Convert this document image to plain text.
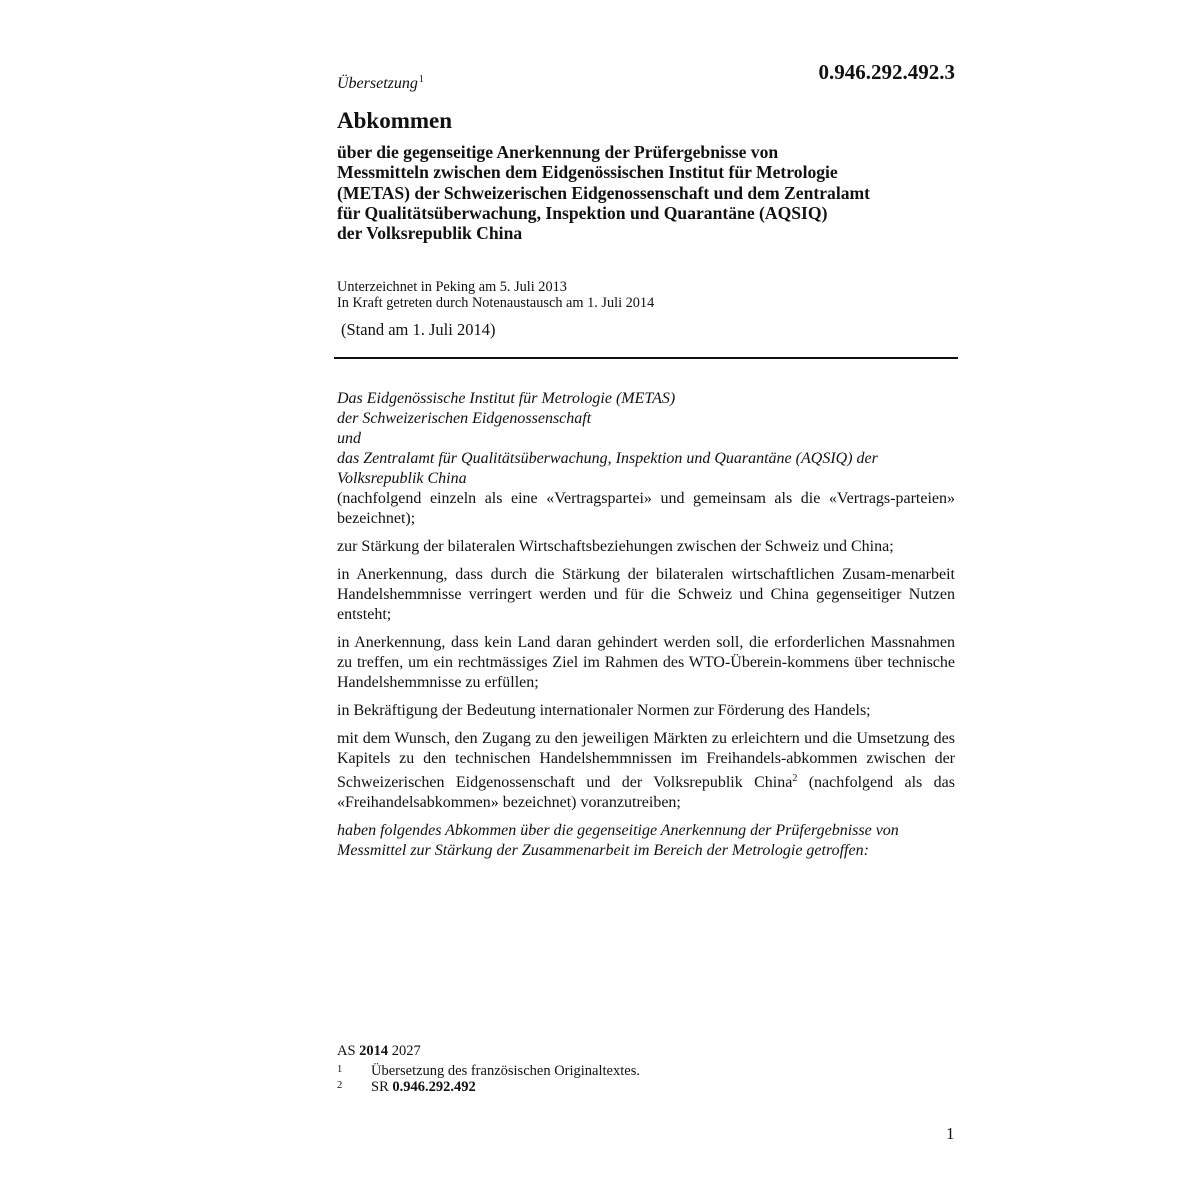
Übersetzung$^1$	0.946.292.492.3
Abkommen
über die gegenseitige Anerkennung der Prüfergebnisse von
Messmitteln zwischen dem Eidgenössischen Institut für Metrologie
(METAS) der Schweizerischen Eidgenossenschaft und dem Zentralamt
für Qualitätsüberwachung, Inspektion und Quarantäne (AQSIQ)
der Volksrepublik China
Unterzeichnet in Peking am 5. Juli 2013
In Kraft getreten durch Notenaustausch am 1. Juli 2014
(Stand am 1. Juli 2014)

Das Eidgenössische Institut für Metrologie (METAS)

der Schweizerischen Eidgenossenschaft

und

das Zentralamt für Qualitätsüberwachung, Inspektion und Quarantäne (AQSIQ) der Volksrepublik China

(nachfolgend einzeln als eine «Vertragspartei» und gemeinsam als die «Vertrags-parteien» bezeichnet);

zur Stärkung der bilateralen Wirtschaftsbeziehungen zwischen der Schweiz und China;

in Anerkennung, dass durch die Stärkung der bilateralen wirtschaftlichen Zusam-menarbeit Handelshemmnisse verringert werden und für die Schweiz und China gegenseitiger Nutzen entsteht;

in Anerkennung, dass kein Land daran gehindert werden soll, die erforderlichen Massnahmen zu treffen, um ein rechtmässiges Ziel im Rahmen des WTO-Überein-kommens über technische Handelshemmnisse zu erfüllen;

in Bekräftigung der Bedeutung internationaler Normen zur Förderung des Handels;

mit dem Wunsch, den Zugang zu den jeweiligen Märkten zu erleichtern und die Umsetzung des Kapitels zu den technischen Handelshemmnissen im Freihandels-abkommen zwischen der Schweizerischen Eidgenossenschaft und der Volksrepublik China$^2$ (nachfolgend als das «Freihandelsabkommen» bezeichnet) voranzutreiben;

haben folgendes Abkommen über die gegenseitige Anerkennung der Prüfergebnisse von Messmittel zur Stärkung der Zusammenarbeit im Bereich der Metrologie getroffen:

AS 2014 2027
1	Übersetzung des französischen Originaltextes.
2	SR 0.946.292.492
1
